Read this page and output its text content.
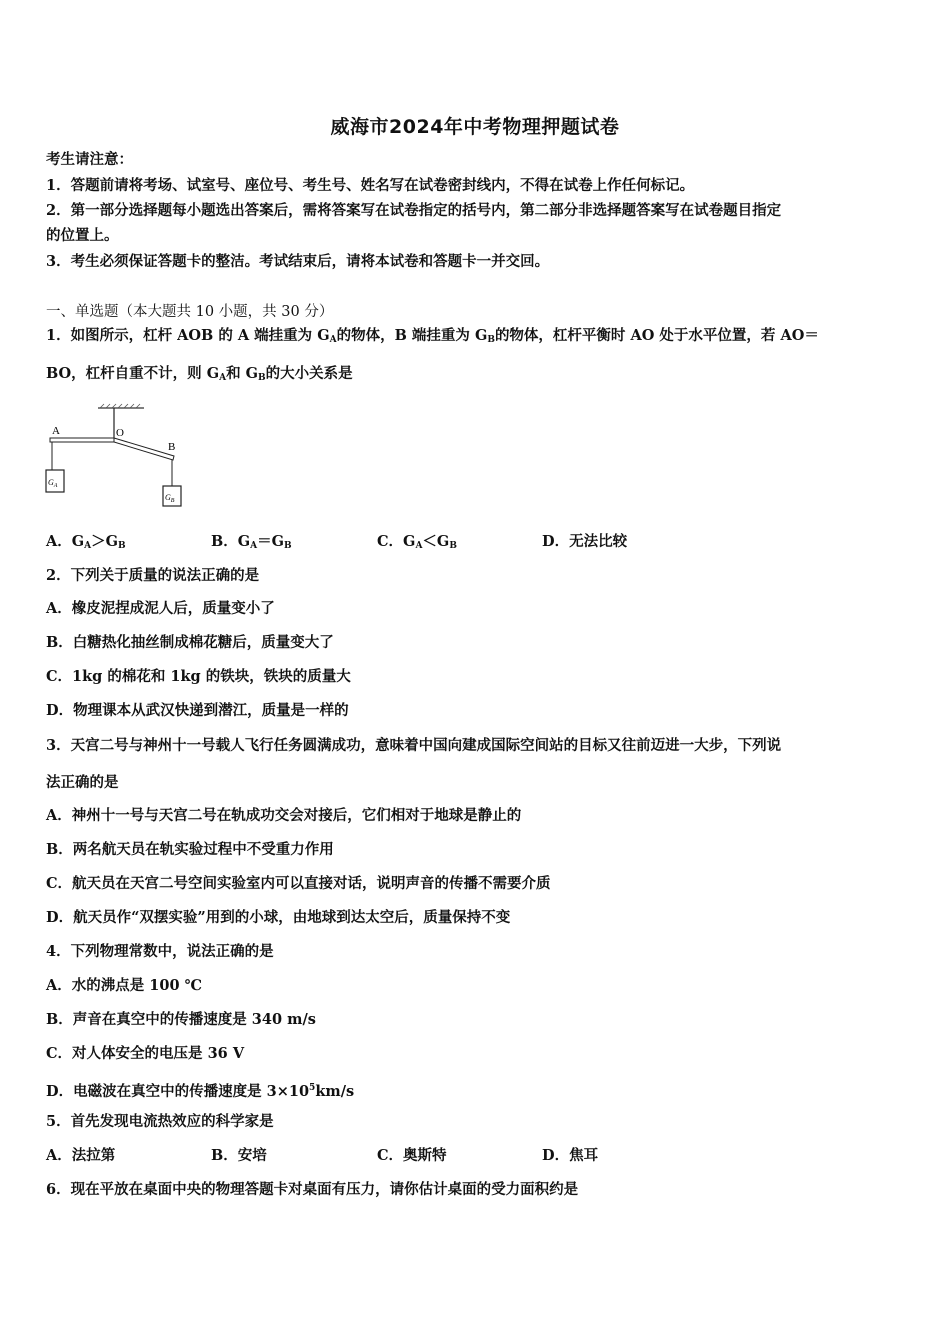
威海市2024年中考物理押题试卷
考生请注意：
1．答题前请将考场、试室号、座位号、考生号、姓名写在试卷密封线内，不得在试卷上作任何标记。
2．第一部分选择题每小题选出答案后，需将答案写在试卷指定的括号内，第二部分非选择题答案写在试卷题目指定
的位置上。
3．考生必须保证答题卡的整洁。考试结束后，请将本试卷和答题卡一并交回。
一、单选题（本大题共 10 小题，共 30 分）
1．如图所示，杠杆 AOB 的 A 端挂重为 $G_A$的物体，B 端挂重为 $G_B$的物体，杠杆平衡时 AO 处于水平位置，若 AO＝
BO，杠杆自重不计，则 $G_A$和 $G_B$的大小关系是
A	O
B
$G_A$
$G_B$
A．$G_A>G_B$	B．$G_A=G_B$	C．$G_A<G_B$	D．无法比较
2．下列关于质量的说法正确的是
A．橡皮泥捏成泥人后，质量变小了
B．白糖热化抽丝制成棉花糖后，质量变大了
C．1kg 的棉花和 1kg 的铁块，铁块的质量大
D．物理课本从武汉快递到潜江，质量是一样的
3．天宫二号与神州十一号载人飞行任务圆满成功，意味着中国向建成国际空间站的目标又往前迈进一大步，下列说
法正确的是
A．神州十一号与天宫二号在轨成功交会对接后，它们相对于地球是静止的
B．两名航天员在轨实验过程中不受重力作用
C．航天员在天宫二号空间实验室内可以直接对话，说明声音的传播不需要介质
D．航天员作“双摆实验”用到的小球，由地球到达太空后，质量保持不变
4．下列物理常数中，说法正确的是
A．水的沸点是 100 ℃
B．声音在真空中的传播速度是 340 m/s
C．对人体安全的电压是 36 V
D．电磁波在真空中的传播速度是 $3\times 10^5km/s$
5．首先发现电流热效应的科学家是
A．法拉第	B．安培	C．奥斯特	D．焦耳
6．现在平放在桌面中央的物理答题卡对桌面有压力，请你估计桌面的受力面积约是
